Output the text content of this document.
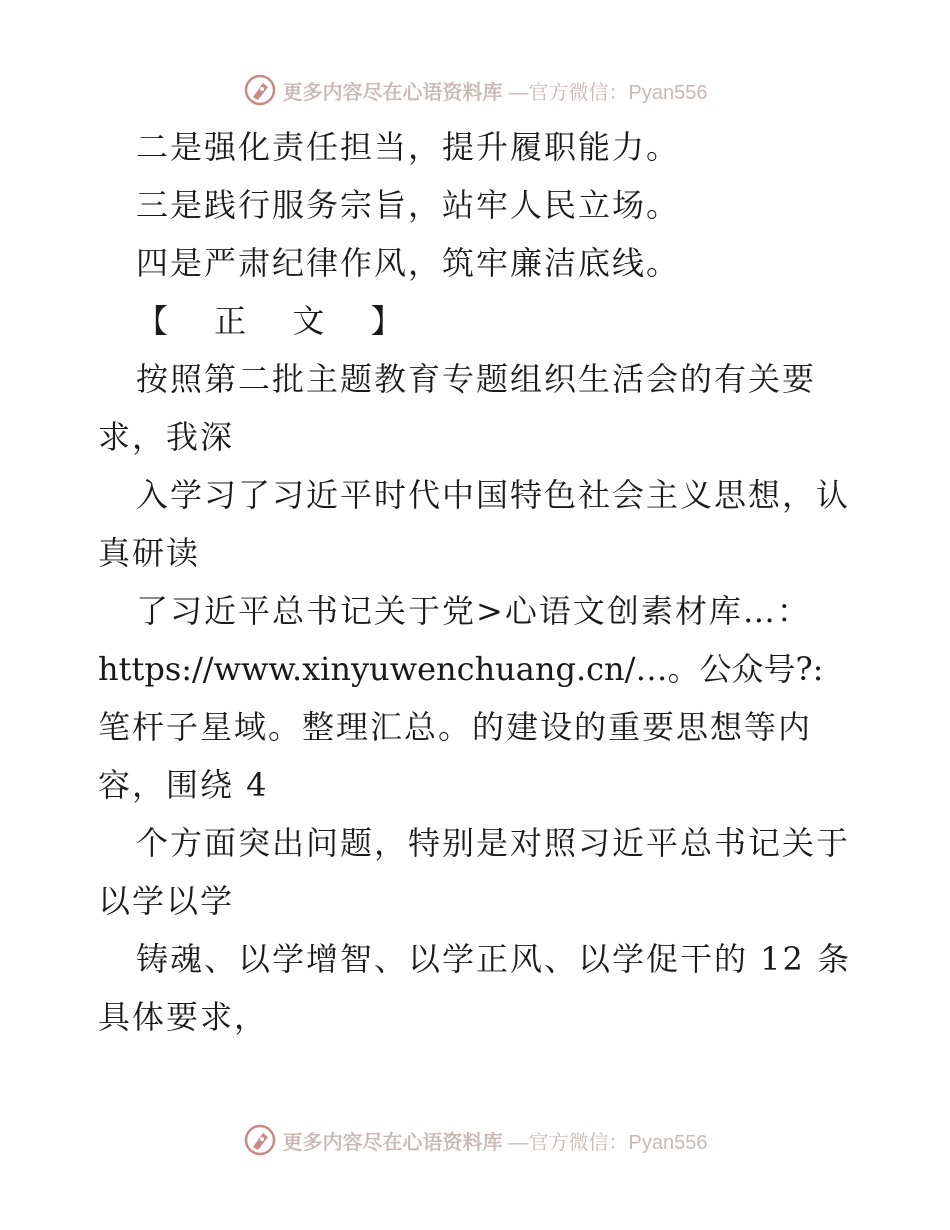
更多内容尽在心语资料库 —官方微信：Pyan556
二是强化责任担当，提升履职能力。
三是践行服务宗旨，站牢人民立场。
四是严肃纪律作风，筑牢廉洁底线。
【 正 文 】
按照第二批主题教育专题组织生活会的有关要
求，我深
入学习了习近平时代中国特色社会主义思想，认
真研读
了习近平总书记关于党>心语文创素材库…：
https://www.xinyuwenchuang.cn/…。公众号?:
笔杆子星域。整理汇总。的建设的重要思想等内
容，围绕 4
个方面突出问题，特别是对照习近平总书记关于
以学以学
铸魂、以学增智、以学正风、以学促干的 12 条
具体要求，
更多内容尽在心语资料库 —官方微信：Pyan556
